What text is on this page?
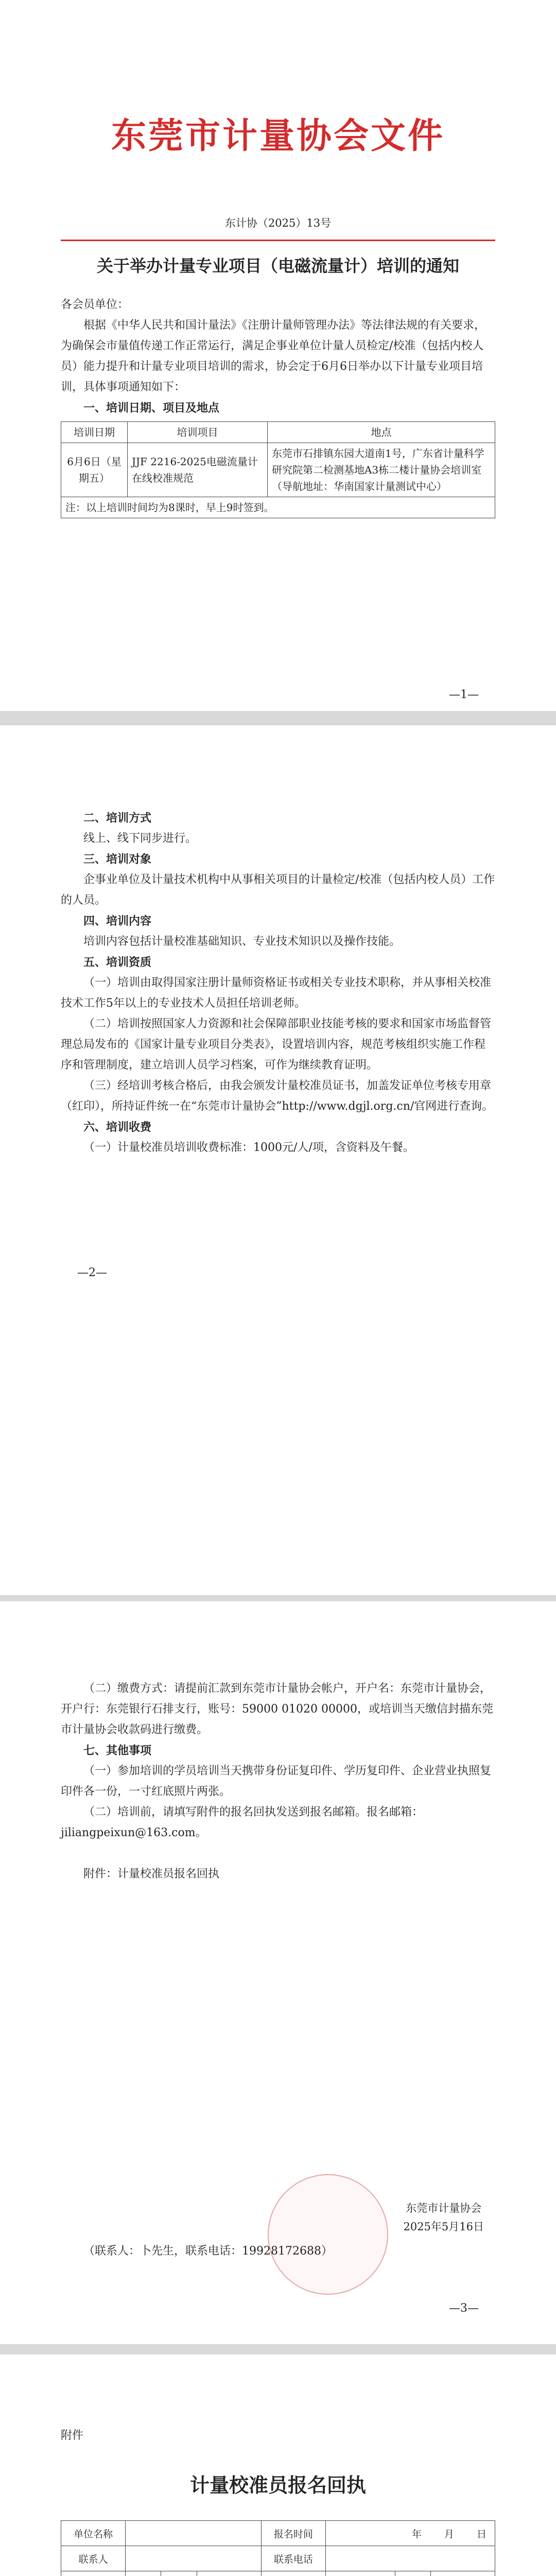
东莞市计量协会文件
东计协（2025）13号
关于举办计量专业项目（电磁流量计）培训的通知

各会员单位：

根据《中华人民共和国计量法》《注册计量师管理办法》等法律法规的有关要求，为确保会市量值传递工作正常运行，满足企事业单位计量人员检定/校准（包括内校人员）能力提升和计量专业项目培训的需求，协会定于6月6日举办以下计量专业项目培训，具体事项通知如下：

一、培训日期、项目及地点
培训日期	培训项目	地点
6月6日（星期五）	JJF 2216-2025电磁流量计在线校准规范	东莞市石排镇东园大道南1号，广东省计量科学研究院第二检测基地A3栋二楼计量协会培训室（导航地址：华南国家计量测试中心）
注：以上培训时间均为8课时，早上9时签到。		
—1—
二、培训方式

线上、线下同步进行。

三、培训对象

企事业单位及计量技术机构中从事相关项目的计量检定/校准（包括内校人员）工作的人员。

四、培训内容

培训内容包括计量校准基础知识、专业技术知识以及操作技能。

五、培训资质

（一）培训由取得国家注册计量师资格证书或相关专业技术职称，并从事相关校准技术工作5年以上的专业技术人员担任培训老师。

（二）培训按照国家人力资源和社会保障部职业技能考核的要求和国家市场监督管理总局发布的《国家计量专业项目分类表》，设置培训内容，规范考核组织实施工作程序和管理制度，建立培训人员学习档案，可作为继续教育证明。

（三）经培训考核合格后，由我会颁发计量校准员证书，加盖发证单位考核专用章（红印），所持证件统一在“东莞市计量协会”http://www.dgjl.org.cn/官网进行查询。

六、培训收费

（一）计量校准员培训收费标准：1000元/人/项，含资料及午餐。

—2—

（二）缴费方式：请提前汇款到东莞市计量协会帐户，开户名：东莞市计量协会，开户行：东莞银行石排支行，账号：59000 01020 00000，或培训当天缴信封描东莞市计量协会收款码进行缴费。

七、其他事项

（一）参加培训的学员培训当天携带身份证复印件、学历复印件、企业营业执照复印件各一份，一寸红底照片两张。

（二）培训前，请填写附件的报名回执发送到报名邮箱。报名邮箱：jiliangpeixun@163.com。

附件：计量校准员报名回执

东莞市计量协会
2025年5月16日

（联系人：卜先生，联系电话：19928172688）

—3—
附件
计量校准员报名回执
单位名称				报名时间	年　　 月　　 日		
联系人				联系电话			
